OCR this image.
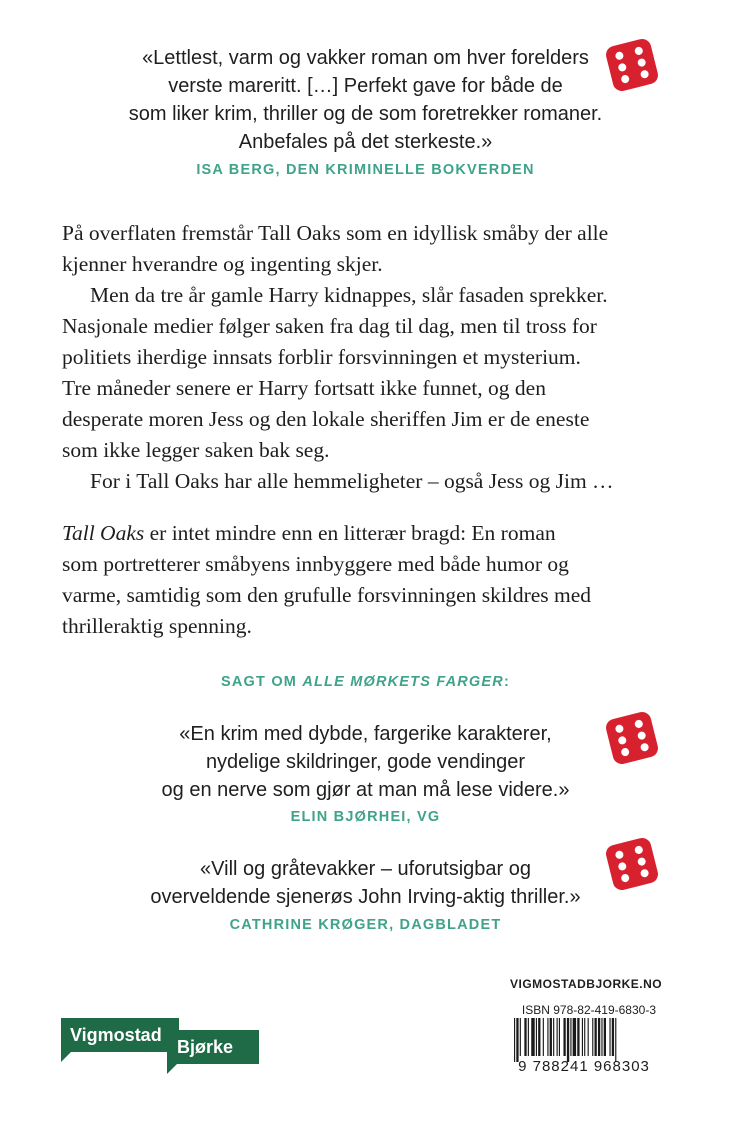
«Lettlest, varm og vakker roman om hver forelders

verste mareritt. […] Perfekt gave for både de

som liker krim, thriller og de som foretrekker romaner.

Anbefales på det sterkeste.»

ISA BERG, DEN KRIMINELLE BOKVERDEN

På overflaten fremstår Tall Oaks som en idyllisk småby der alle

kjenner hverandre og ingenting skjer.

Men da tre år gamle Harry kidnappes, slår fasaden sprekker.

Nasjonale medier følger saken fra dag til dag, men til tross for

politiets iherdige innsats forblir forsvinningen et mysterium.

Tre måneder senere er Harry fortsatt ikke funnet, og den

desperate moren Jess og den lokale sheriffen Jim er de eneste

som ikke legger saken bak seg.

For i Tall Oaks har alle hemmeligheter – også Jess og Jim …

Tall Oaks er intet mindre enn en litterær bragd: En roman

som portretterer småbyens innbyggere med både humor og

varme, samtidig som den grufulle forsvinningen skildres med

thrilleraktig spenning.

SAGT OM ALLE MØRKETS FARGER:

«En krim med dybde, fargerike karakterer,

nydelige skildringer, gode vendinger

og en nerve som gjør at man må lese videre.»

ELIN BJØRHEI, VG

«Vill og gråtevakker – uforutsigbar og

overveldende sjenerøs John Irving-aktig thriller.»

CATHRINE KRØGER, DAGBLADET
VIGMOSTADBJORKE.NO
ISBN 978-82-419-6830-3
9 788241 968303
Vigmostad
Bjørke
